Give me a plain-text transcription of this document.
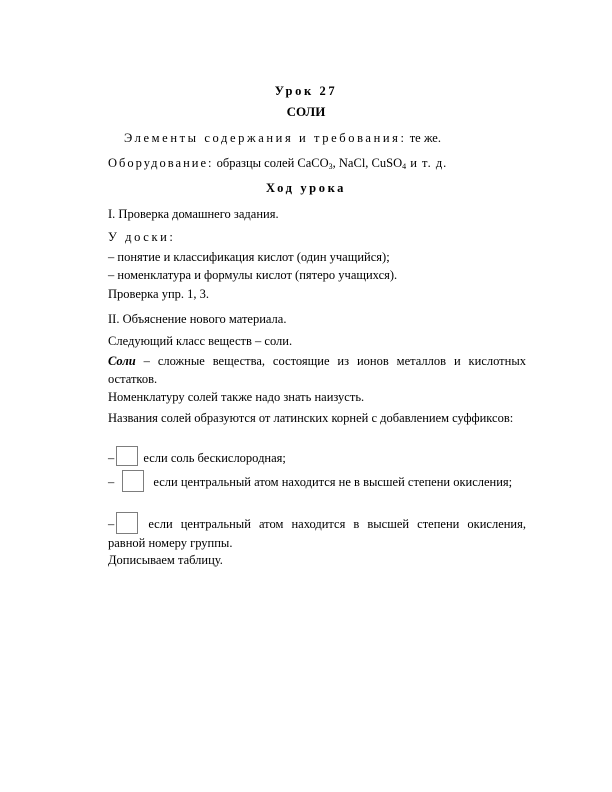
Урок 27
СОЛИ
Элементы содержания и требования: те же.
Оборудование: образцы солей CaCO$_3$, NaCl, CuSO$_4$ и т. д.
Ход урока
I. Проверка домашнего задания.
У доски:
– понятие и классификация кислот (один учащийся);
– номенклатура и формулы кислот (пятеро учащихся).
Проверка упр. 1, 3.
II. Объяснение нового материала.
Следующий класс веществ – соли.
Соли – сложные вещества, состоящие из ионов металлов и кислотных остатков.
Номенклатуру солей также надо знать наизусть.
Названия солей образуются от латинских корней с добавлением суффиксов:
– если соль бескислородная;
–	если центральный атом находится не в высшей степени окисления;
– если центральный атом находится в высшей степени окисления, равной номеру группы.
Дописываем таблицу.
